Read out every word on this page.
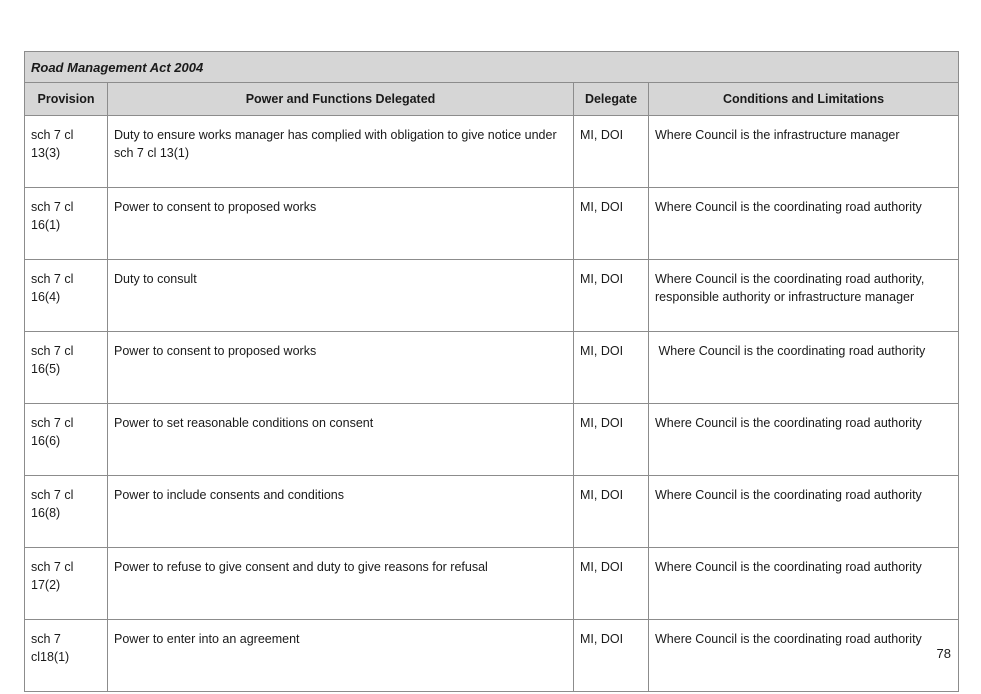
Road Management Act 2004			
Provision	Power and Functions Delegated	Delegate	Conditions and Limitations
sch 7 cl 13(3)	Duty to ensure works manager has complied with obligation to give notice under sch 7 cl 13(1)	MI, DOI	Where Council is the infrastructure manager
sch 7 cl 16(1)	Power to consent to proposed works	MI, DOI	Where Council is the coordinating road authority
sch 7 cl 16(4)	Duty to consult	MI, DOI	Where Council is the coordinating road authority, responsible authority or infrastructure manager
sch 7 cl 16(5)	Power to consent to proposed works	MI, DOI	Where Council is the coordinating road authority
sch 7 cl 16(6)	Power to set reasonable conditions on consent	MI, DOI	Where Council is the coordinating road authority
sch 7 cl 16(8)	Power to include consents and conditions	MI, DOI	Where Council is the coordinating road authority
sch 7 cl 17(2)	Power to refuse to give consent and duty to give reasons for refusal	MI, DOI	Where Council is the coordinating road authority
sch 7 cl18(1)	Power to enter into an agreement	MI, DOI	Where Council is the coordinating road authority
78
